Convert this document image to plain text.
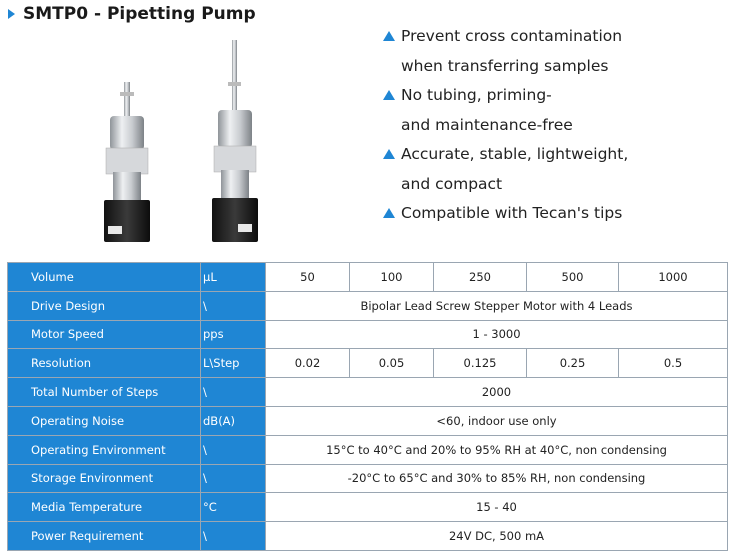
SMTP0 - Pipetting Pump
Prevent cross contamination
when transferring samples
No tubing, priming-
and maintenance-free
Accurate, stable, lightweight,
and compact
Compatible with Tecan's tips
Volume	μL	50	100	250	500	1000
Drive Design	\	Bipolar Lead Screw Stepper Motor with 4 Leads				
Motor Speed	pps	1 - 3000				
Resolution	L\Step	0.02	0.05	0.125	0.25	0.5
Total Number of Steps	\	2000				
Operating Noise	dB(A)	<60, indoor use only				
Operating Environment	\	15°C to 40°C and 20% to 95% RH at 40°C, non condensing				
Storage Environment	\	-20°C to 65°C and 30% to 85% RH, non condensing				
Media Temperature	°C	15 - 40				
Power Requirement	\	24V DC, 500 mA				
